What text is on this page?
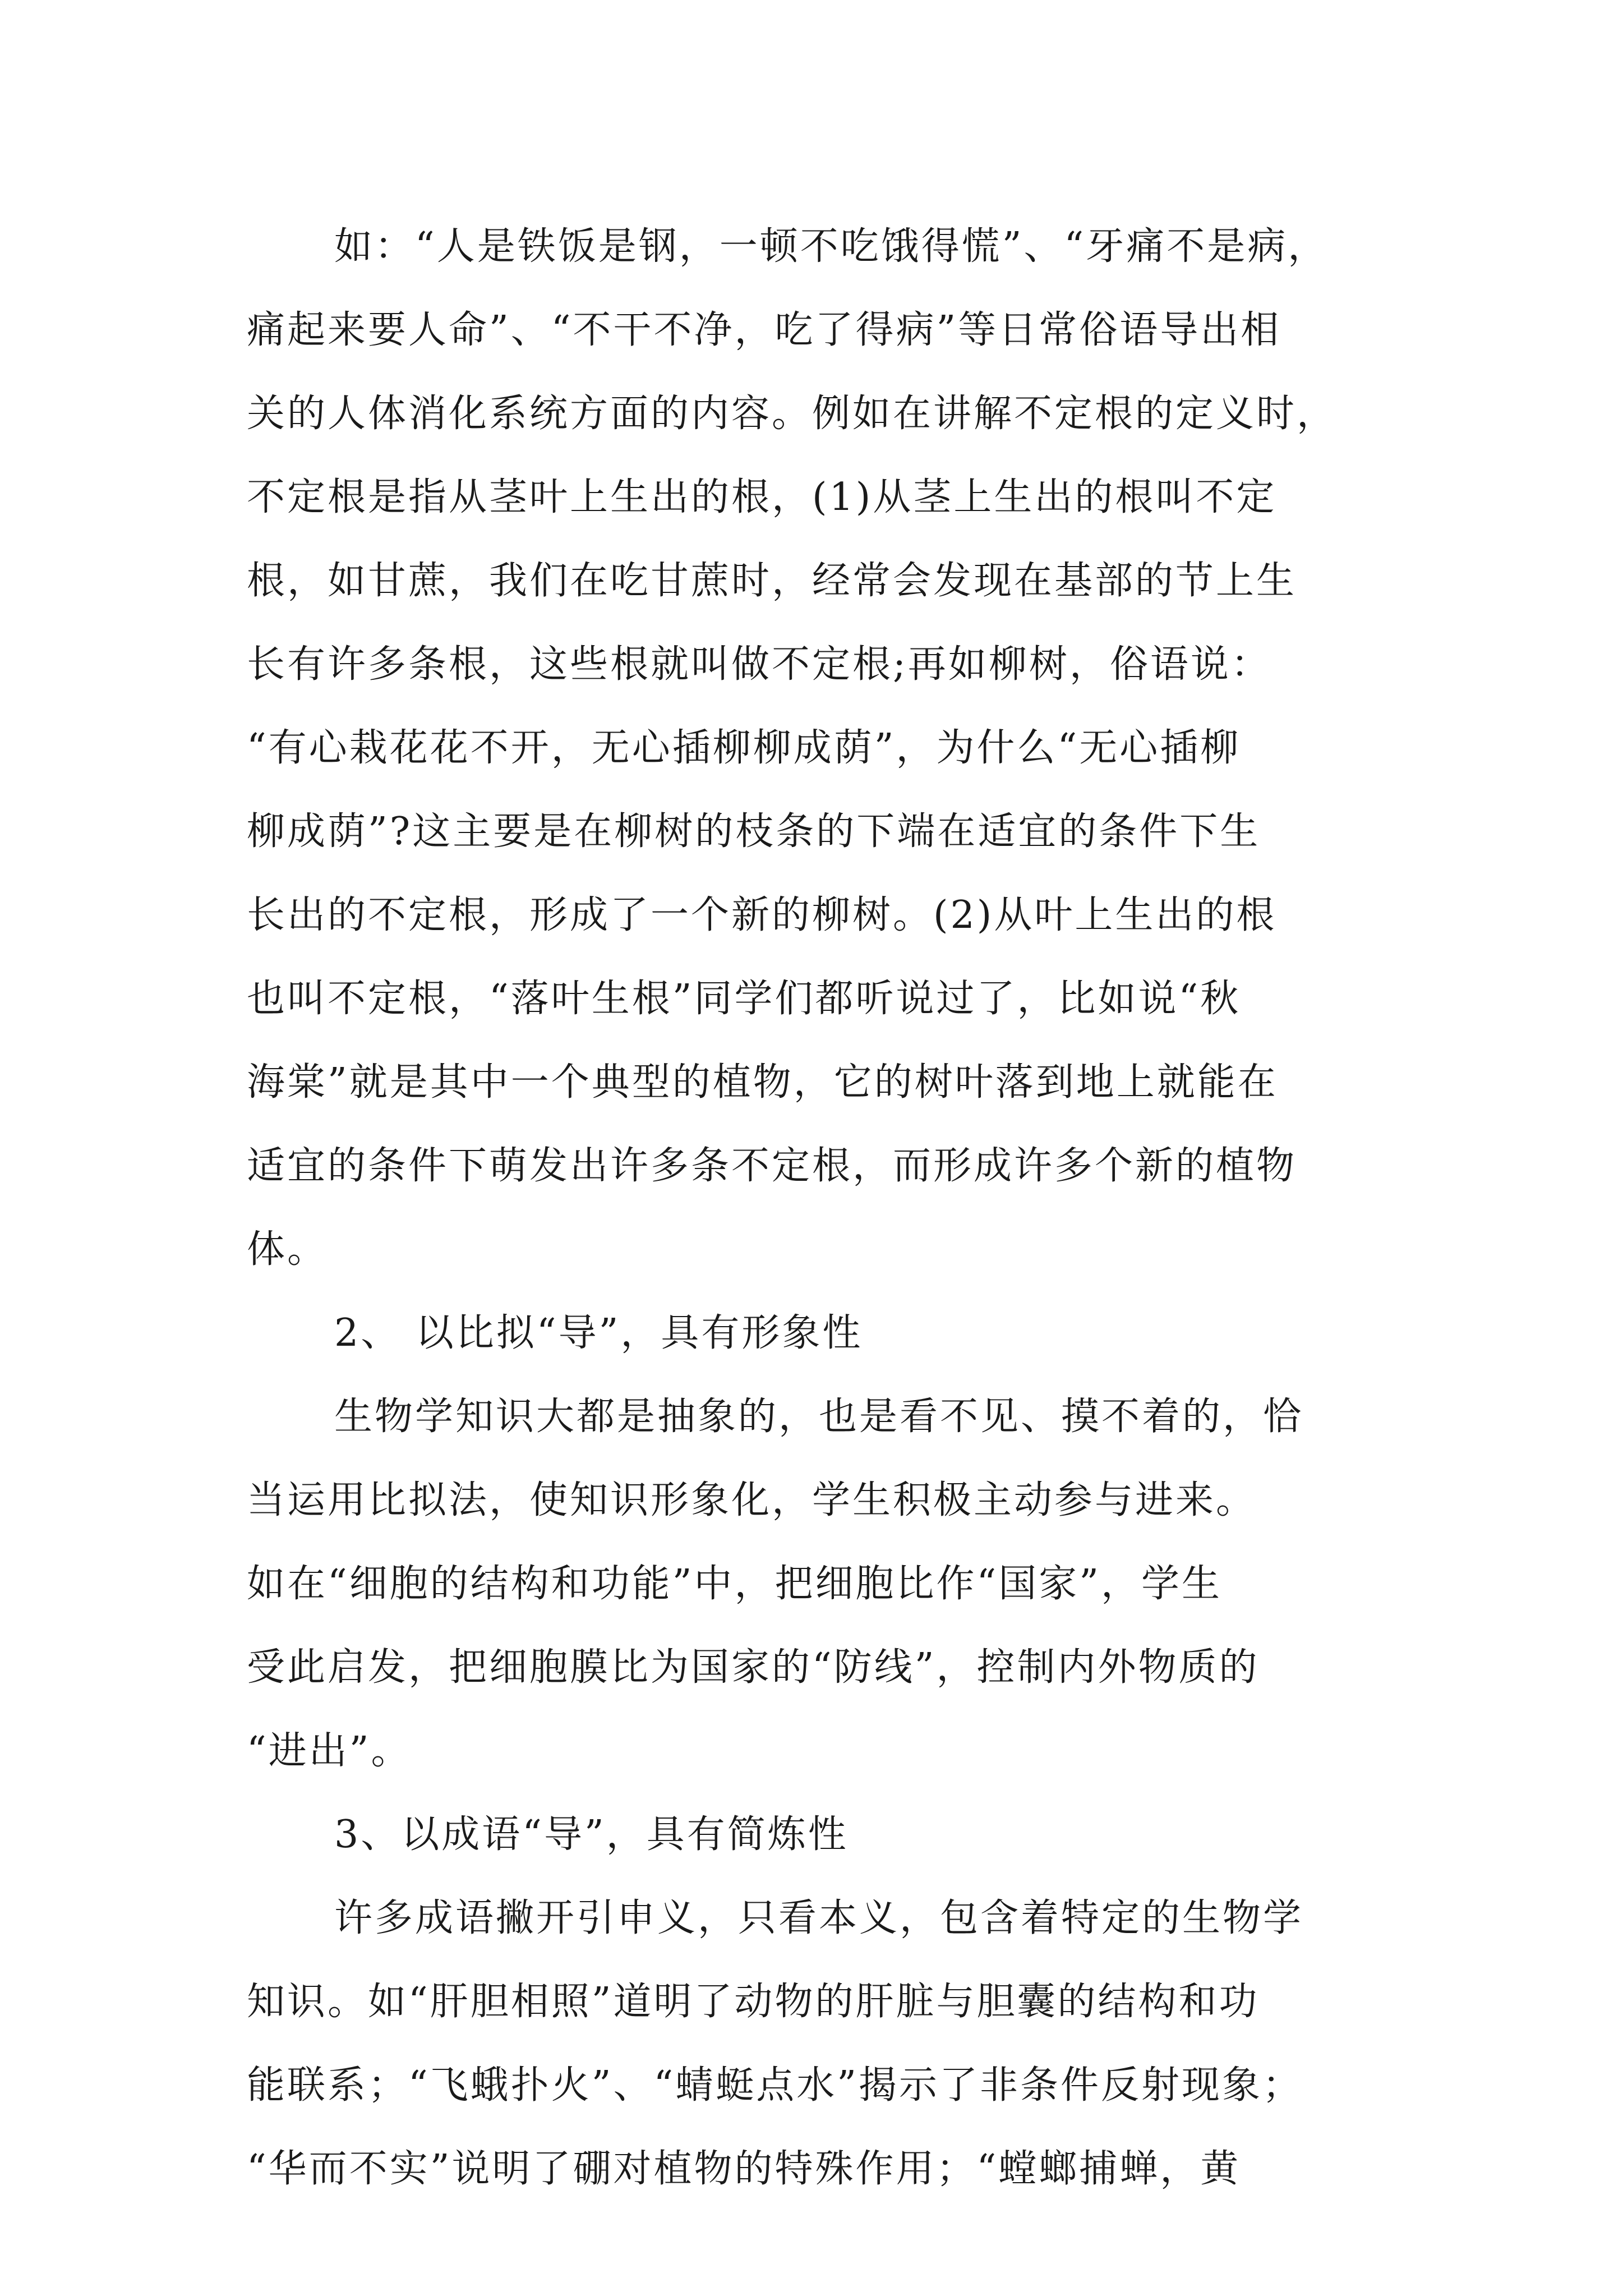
如：“人是铁饭是钢，一顿不吃饿得慌”、“牙痛不是病，
痛起来要人命”、“不干不净，吃了得病”等日常俗语导出相
关的人体消化系统方面的内容。例如在讲解不定根的定义时，
不定根是指从茎叶上生出的根，(1)从茎上生出的根叫不定
根，如甘蔗，我们在吃甘蔗时，经常会发现在基部的节上生
长有许多条根，这些根就叫做不定根;再如柳树，俗语说：
“有心栽花花不开，无心插柳柳成荫”，为什么“无心插柳
柳成荫”?这主要是在柳树的枝条的下端在适宜的条件下生
长出的不定根，形成了一个新的柳树。(2)从叶上生出的根
也叫不定根，“落叶生根”同学们都听说过了，比如说“秋
海棠”就是其中一个典型的植物，它的树叶落到地上就能在
适宜的条件下萌发出许多条不定根，而形成许多个新的植物
体。
2、 以比拟“导”，具有形象性
生物学知识大都是抽象的，也是看不见、摸不着的，恰
当运用比拟法，使知识形象化，学生积极主动参与进来。
如在“细胞的结构和功能”中，把细胞比作“国家”，学生
受此启发，把细胞膜比为国家的“防线”，控制内外物质的
“进出”。
3、以成语“导”，具有简炼性
许多成语撇开引申义，只看本义，包含着特定的生物学
知识。如“肝胆相照”道明了动物的肝脏与胆囊的结构和功
能联系；“飞蛾扑火”、“蜻蜓点水”揭示了非条件反射现象；
“华而不实”说明了硼对植物的特殊作用；“螳螂捕蝉，黄
